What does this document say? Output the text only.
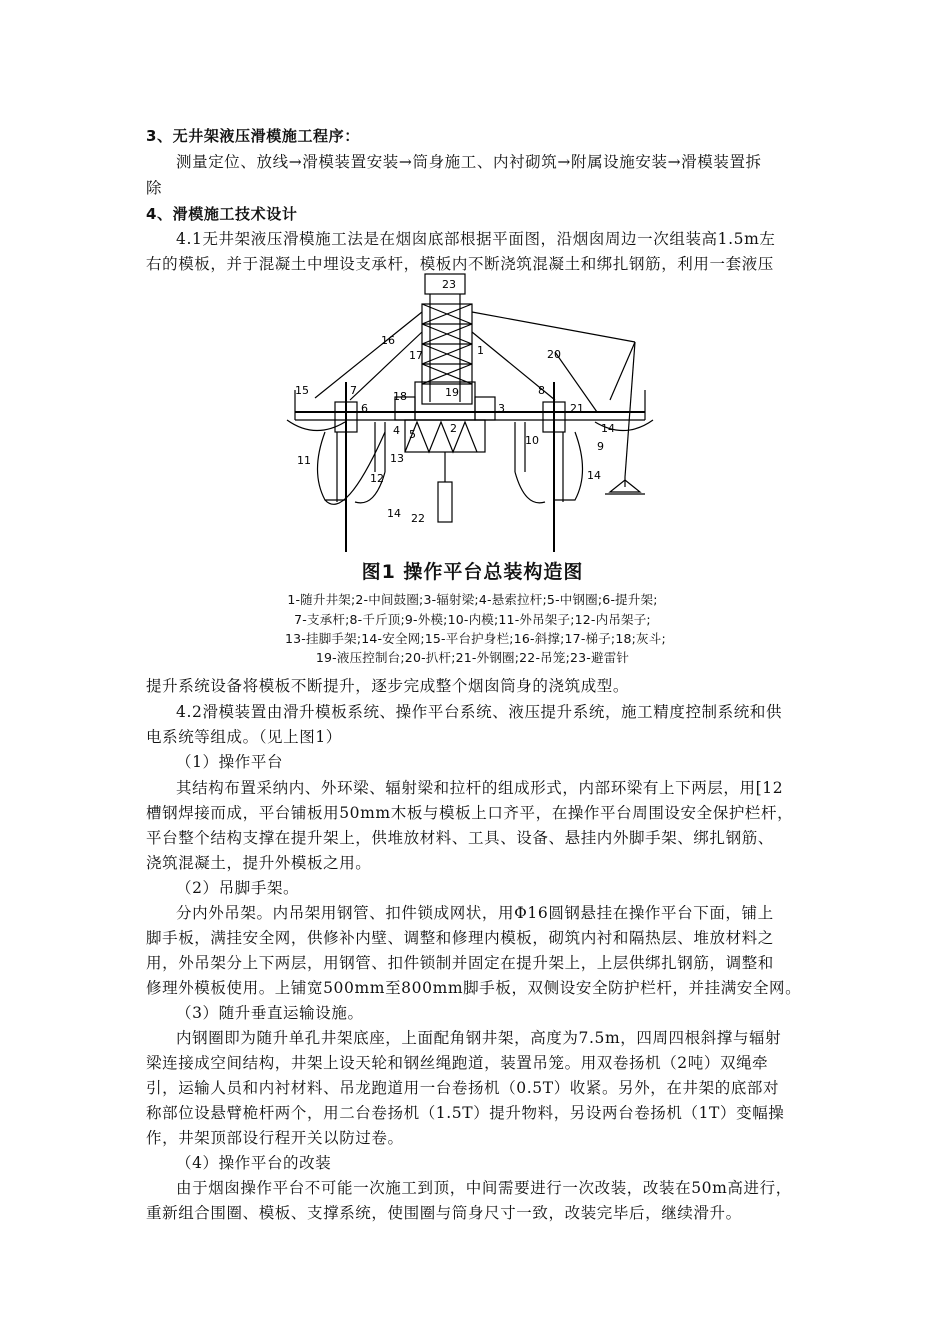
3、无井架液压滑模施工程序：
测量定位、放线→滑模装置安装→筒身施工、内衬砌筑→附属设施安装→滑模装置拆
除
4、滑模施工技术设计
4.1无井架液压滑模施工法是在烟囱底部根据平面图，沿烟囱周边一次组装高1.5m左
右的模板，并于混凝土中埋设支承杆，模板内不断浇筑混凝土和绑扎钢筋，利用一套液压
23
1
16
17	20
15	7	8
19
18
6	3	21
4 5	2
10	9
14
13
11
12	14
14 22
图1 操作平台总装构造图
1-随升井架;2-中间鼓圈;3-辐射梁;4-悬索拉杆;5-中钢圈;6-提升架;
7-支承杆;8-千斤顶;9-外模;10-内模;11-外吊架子;12-内吊架子;
13-挂脚手架;14-安全网;15-平台护身栏;16-斜撑;17-梯子;18;灰斗;
19-液压控制台;20-扒杆;21-外钢圈;22-吊笼;23-避雷针
提升系统设备将模板不断提升，逐步完成整个烟囱筒身的浇筑成型。
4.2滑模装置由滑升模板系统、操作平台系统、液压提升系统，施工精度控制系统和供
电系统等组成。（见上图1）
（1）操作平台
其结构布置采纳内、外环梁、辐射梁和拉杆的组成形式，内部环梁有上下两层，用[12
槽钢焊接而成，平台铺板用50mm木板与模板上口齐平，在操作平台周围设安全保护栏杆，
平台整个结构支撑在提升架上，供堆放材料、工具、设备、悬挂内外脚手架、绑扎钢筋、
浇筑混凝土，提升外模板之用。
（2）吊脚手架。
分内外吊架。内吊架用钢管、扣件锁成网状，用Φ16圆钢悬挂在操作平台下面，铺上
脚手板，满挂安全网，供修补内壁、调整和修理内模板，砌筑内衬和隔热层、堆放材料之
用，外吊架分上下两层，用钢管、扣件锁制并固定在提升架上，上层供绑扎钢筋，调整和
修理外模板使用。上铺宽500mm至800mm脚手板，双侧设安全防护栏杆，并挂满安全网。
（3）随升垂直运输设施。
内钢圈即为随升单孔井架底座，上面配角钢井架，高度为7.5m，四周四根斜撑与辐射
梁连接成空间结构，井架上设天轮和钢丝绳跑道，装置吊笼。用双卷扬机（2吨）双绳牵
引，运输人员和内衬材料、吊龙跑道用一台卷扬机（0.5T）收紧。另外，在井架的底部对
称部位设悬臂桅杆两个，用二台卷扬机（1.5T）提升物料，另设两台卷扬机（1T）变幅操
作，井架顶部设行程开关以防过卷。
（4）操作平台的改装
由于烟囱操作平台不可能一次施工到顶，中间需要进行一次改装，改装在50m高进行，
重新组合围圈、模板、支撑系统，使围圈与筒身尺寸一致，改装完毕后，继续滑升。
